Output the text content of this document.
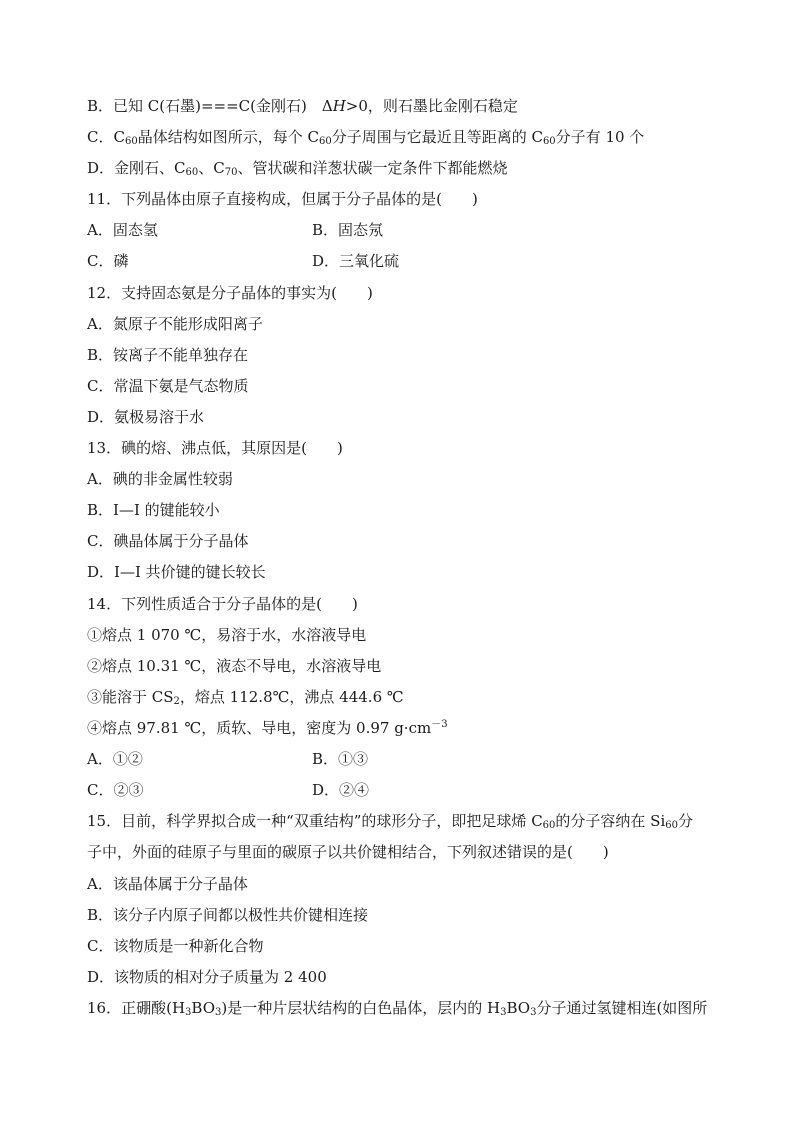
B．已知 C(石墨)===C(金刚石)　ΔH>0，则石墨比金刚石稳定
C．$C_{60}$晶体结构如图所示，每个 $C_{60}$分子周围与它最近且等距离的 $C_{60}$分子有 10 个
D．金刚石、$C_{60}$、$C_{70}$、管状碳和洋葱状碳一定条件下都能燃烧
11．下列晶体由原子直接构成，但属于分子晶体的是(　　)
A．固态氢	B．固态氖
C．磷	D．三氧化硫
12．支持固态氨是分子晶体的事实为(　　)
A．氮原子不能形成阳离子
B．铵离子不能单独存在
C．常温下氨是气态物质
D．氨极易溶于水
13．碘的熔、沸点低，其原因是(　　)
A．碘的非金属性较弱
B．I—I 的键能较小
C．碘晶体属于分子晶体
D．I—I 共价键的键长较长
14．下列性质适合于分子晶体的是(　　)
①熔点 1 070 ℃，易溶于水，水溶液导电
②熔点 10.31 ℃，液态不导电，水溶液导电
③能溶于 $CS_2$，熔点 112.8℃，沸点 444.6 ℃
④熔点 97.81 ℃，质软、导电，密度为 0.97 $g\cdot cm^{-3}$
A．①②	B．①③
C．②③	D．②④
15．目前，科学界拟合成一种“双重结构”的球形分子，即把足球烯 $C_{60}$的分子容纳在 $Si_{60}$分
子中，外面的硅原子与里面的碳原子以共价键相结合，下列叙述错误的是(　　)
A．该晶体属于分子晶体
B．该分子内原子间都以极性共价键相连接
C．该物质是一种新化合物
D．该物质的相对分子质量为 2 400
16．正硼酸$(H_3BO_3)$是一种片层状结构的白色晶体，层内的 $H_3BO_3$分子通过氢键相连(如图所
